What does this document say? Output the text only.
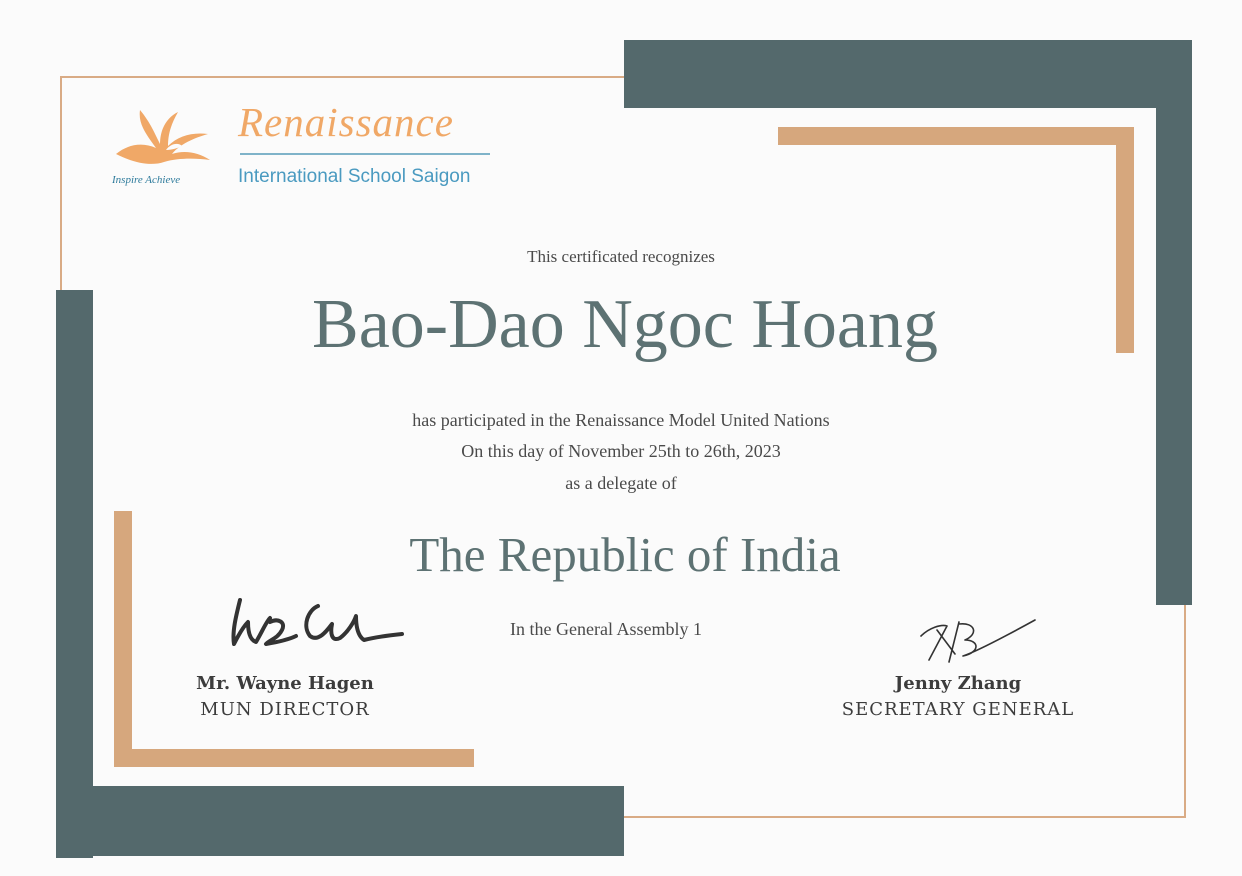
Inspire Achieve
Renaissance
International School Saigon
This certificated recognizes
Bao-Dao Ngoc Hoang
has participated in the Renaissance Model United Nations
On this day of November 25th to 26th, 2023
as a delegate of
The Republic of India
In the General Assembly 1
Mr. Wayne Hagen
MUN DIRECTOR
Jenny Zhang
SECRETARY GENERAL
